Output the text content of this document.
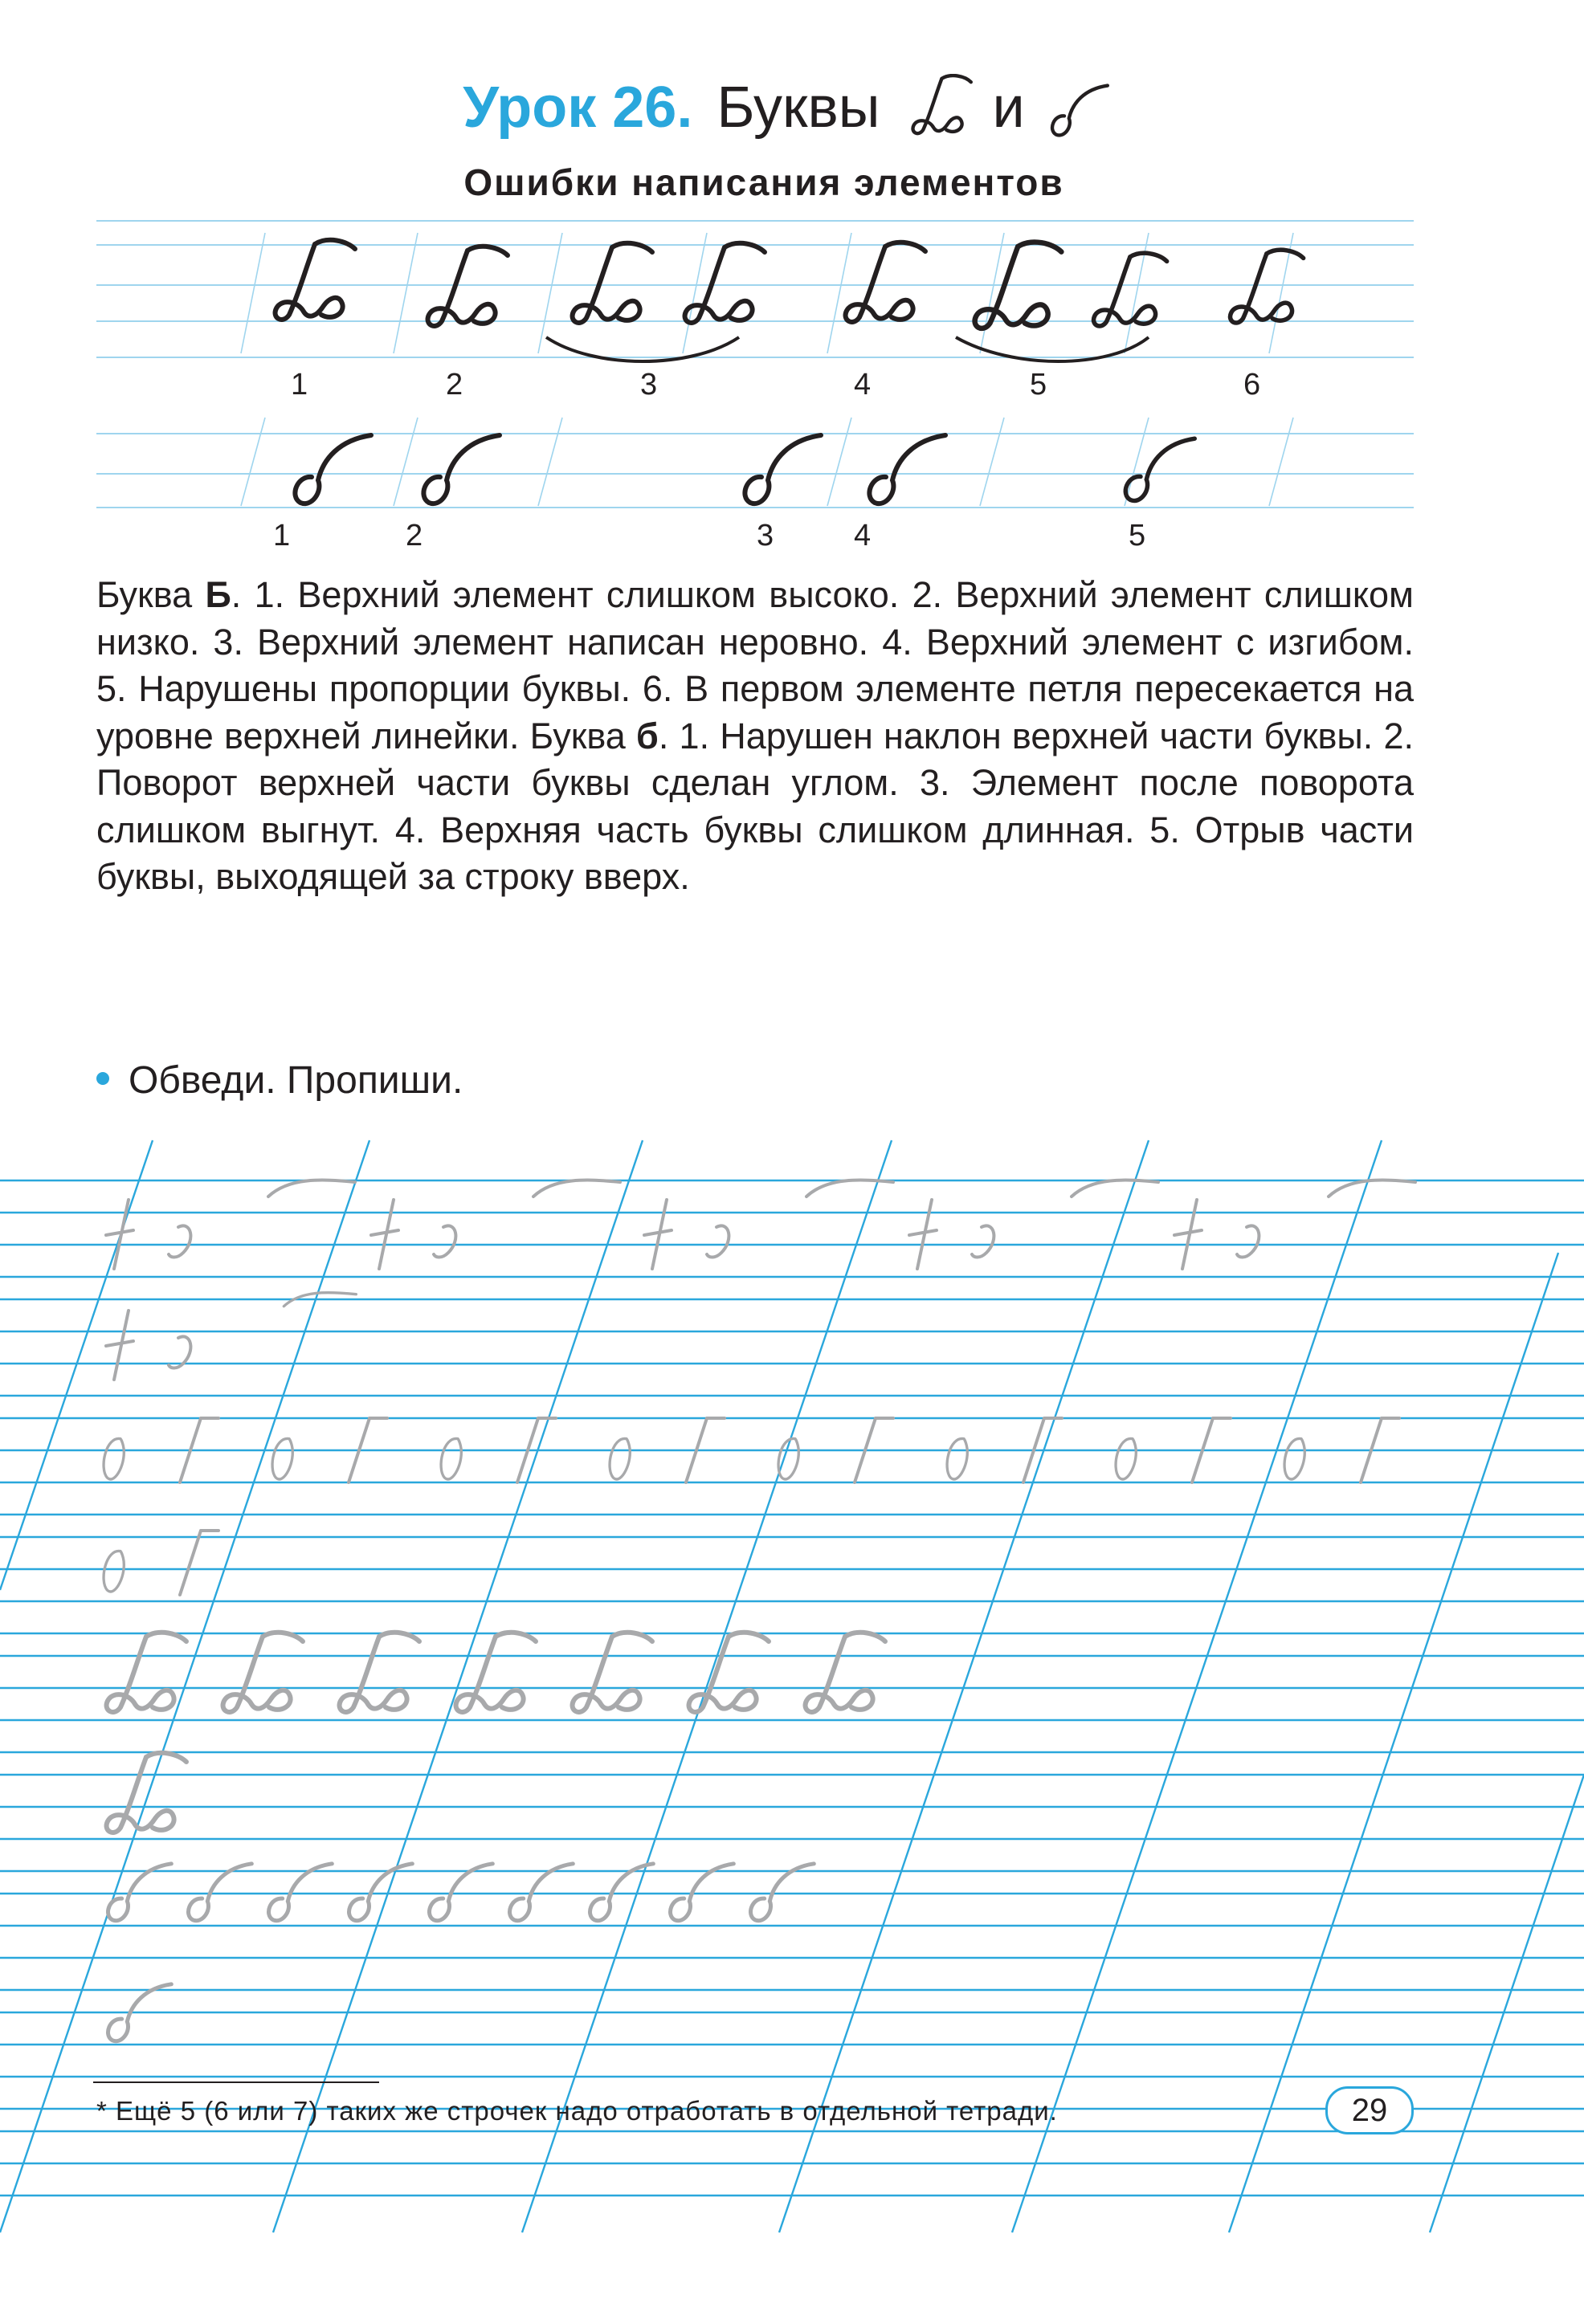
Урок 26. Буквы и
Ошибки написания элементов
1	2	3	4	5	6
1	2	3	4	5
Буква Б. 1. Верхний элемент слишком высоко. 2. Верхний элемент слишком низко. 3. Верхний элемент написан неровно. 4. Верхний элемент с изгибом. 5. Нарушены пропорции буквы. 6. В первом элементе петля пересекается на уровне верхней линейки. Буква б. 1. Нарушен наклон верхней части буквы. 2. Поворот верхней части буквы сделан углом. 3. Элемент после поворота слишком выгнут. 4. Верхняя часть буквы слишком длинная. 5. Отрыв части буквы, выходящей за строку вверх.
Обведи. Пропиши.
* Ещё 5 (6 или 7) таких же строчек надо отработать в отдельной тетради.	29
